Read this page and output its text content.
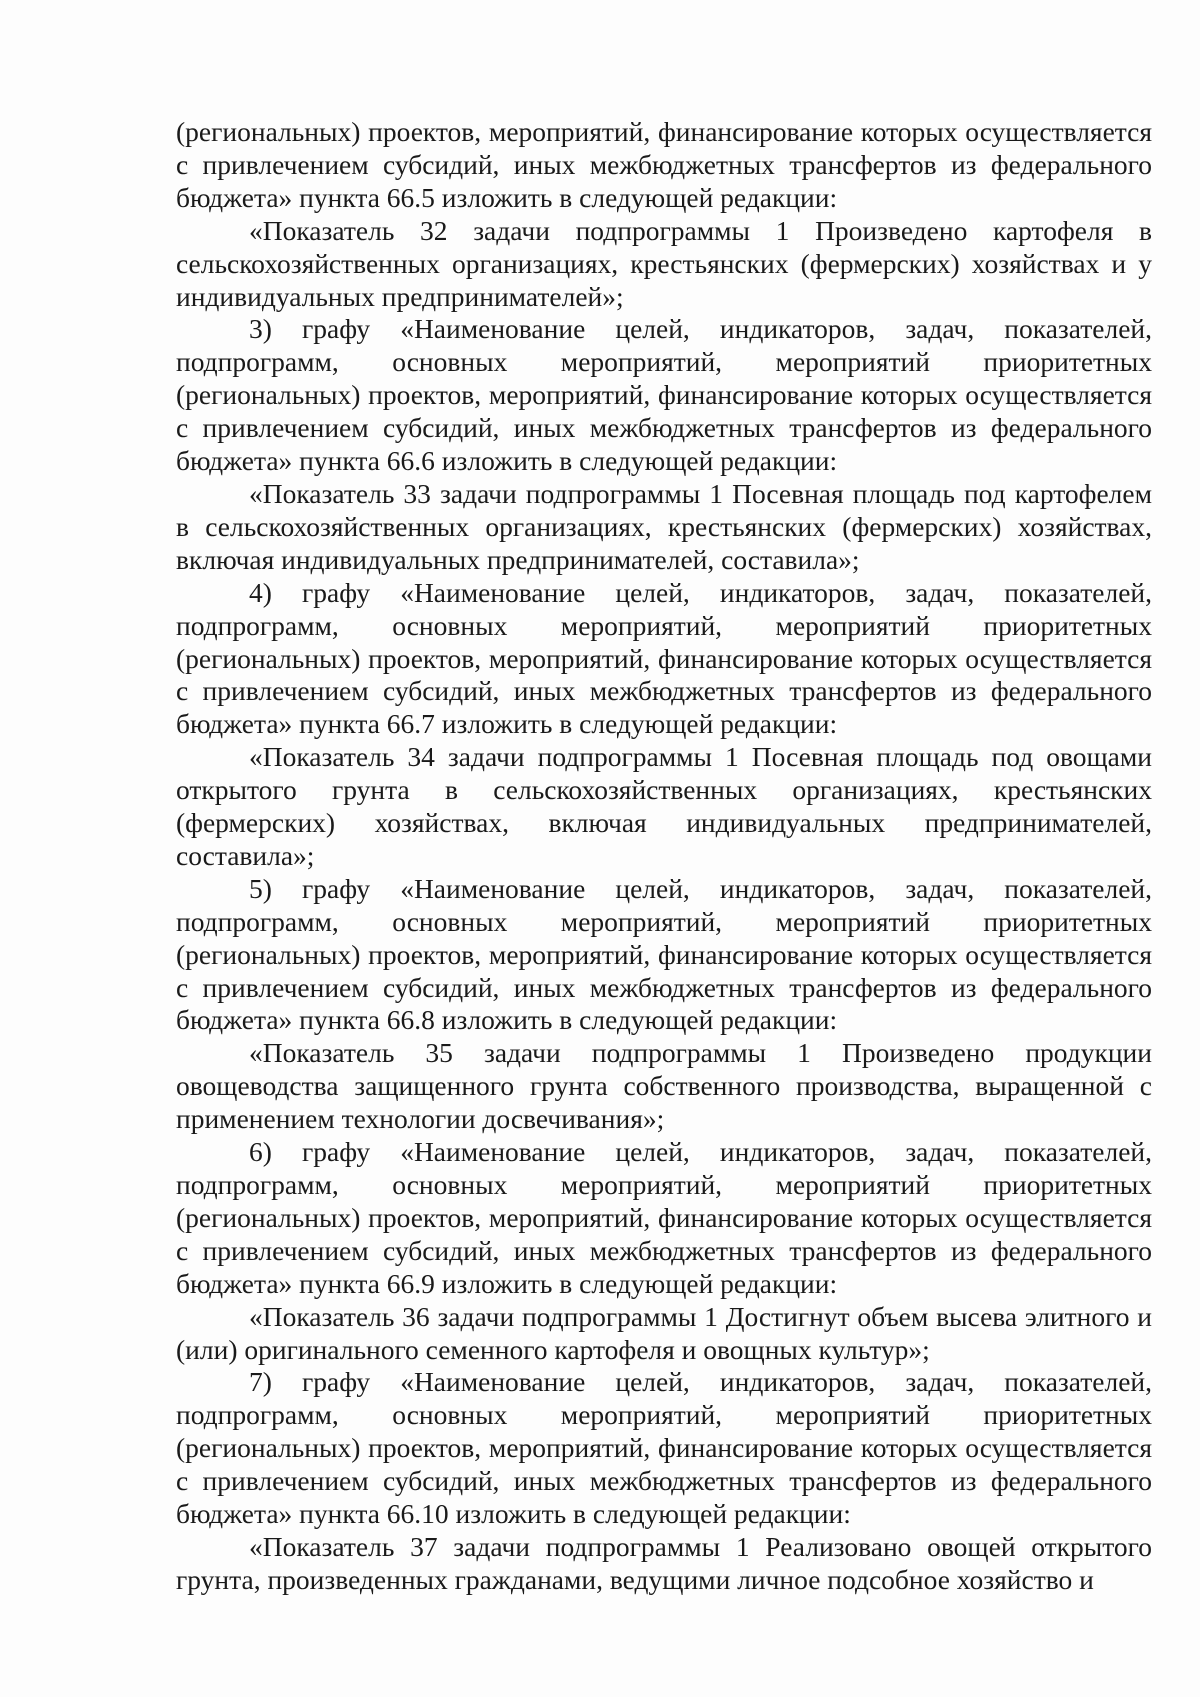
(региональных) проектов, мероприятий, финансирование которых осуществляется с привлечением субсидий, иных межбюджетных трансфертов из федерального бюджета» пункта 66.5 изложить в следующей редакции:

«Показатель 32 задачи подпрограммы 1 Произведено картофеля в сельскохозяйственных организациях, крестьянских (фермерских) хозяйствах и у индивидуальных предпринимателей»;

3) графу «Наименование целей, индикаторов, задач, показателей, подпрограмм, основных мероприятий, мероприятий приоритетных (региональных) проектов, мероприятий, финансирование которых осуществляется с привлечением субсидий, иных межбюджетных трансфертов из федерального бюджета» пункта 66.6 изложить в следующей редакции:

«Показатель 33 задачи подпрограммы 1 Посевная площадь под картофелем в сельскохозяйственных организациях, крестьянских (фермерских) хозяйствах, включая индивидуальных предпринимателей, составила»;

4) графу «Наименование целей, индикаторов, задач, показателей, подпрограмм, основных мероприятий, мероприятий приоритетных (региональных) проектов, мероприятий, финансирование которых осуществляется с привлечением субсидий, иных межбюджетных трансфертов из федерального бюджета» пункта 66.7 изложить в следующей редакции:

«Показатель 34 задачи подпрограммы 1 Посевная площадь под овощами открытого грунта в сельскохозяйственных организациях, крестьянских (фермерских) хозяйствах, включая индивидуальных предпринимателей, составила»;

5) графу «Наименование целей, индикаторов, задач, показателей, подпрограмм, основных мероприятий, мероприятий приоритетных (региональных) проектов, мероприятий, финансирование которых осуществляется с привлечением субсидий, иных межбюджетных трансфертов из федерального бюджета» пункта 66.8 изложить в следующей редакции:

«Показатель 35 задачи подпрограммы 1 Произведено продукции овощеводства защищенного грунта собственного производства, выращенной с применением технологии досвечивания»;

6) графу «Наименование целей, индикаторов, задач, показателей, подпрограмм, основных мероприятий, мероприятий приоритетных (региональных) проектов, мероприятий, финансирование которых осуществляется с привлечением субсидий, иных межбюджетных трансфертов из федерального бюджета» пункта 66.9 изложить в следующей редакции:

«Показатель 36 задачи подпрограммы 1 Достигнут объем высева элитного и (или) оригинального семенного картофеля и овощных культур»;

7) графу «Наименование целей, индикаторов, задач, показателей, подпрограмм, основных мероприятий, мероприятий приоритетных (региональных) проектов, мероприятий, финансирование которых осуществляется с привлечением субсидий, иных межбюджетных трансфертов из федерального бюджета» пункта 66.10 изложить в следующей редакции:

«Показатель 37 задачи подпрограммы 1 Реализовано овощей открытого грунта, произведенных гражданами, ведущими личное подсобное хозяйство и
